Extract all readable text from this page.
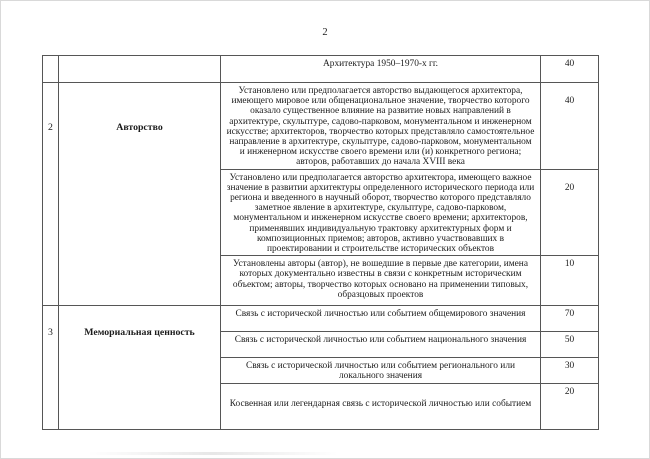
2
		Архитектура 1950–1970-х гг.	40
2	Авторство	Установлено или предполагается авторство выдающегося архитектора, имеющего мировое или общенациональное значение, творчество которого оказало существенное влияние на развитие новых направлений в архитектуре, скульптуре, садово-парковом, монументальном и инженерном искусстве; архитекторов, творчество которых представляло самостоятельное направление в архитектуре, скульптуре, садово-парковом, монументальном и инженерном искусстве своего времени или (и) конкретного региона; авторов, работавших до начала XVIII века	40
		Установлено или предполагается авторство архитектора, имеющего важное значение в развитии архитектуры определенного исторического периода или региона и введенного в научный оборот, творчество которого представляло заметное явление в архитектуре, скульптуре, садово-парковом, монументальном и инженерном искусстве своего времени; архитекторов, применявших индивидуальную трактовку архитектурных форм и композиционных приемов; авторов, активно участвовавших в проектировании и строительстве исторических объектов	20
		Установлены авторы (автор), не вошедшие в первые две категории, имена которых документально известны в связи с конкретным историческим объектом; авторы, творчество которых основано на применении типовых, образцовых проектов	10
3	Мемориальная ценность	Связь с исторической личностью или событием общемирового значения	70
		Связь с исторической личностью или событием национального значения	50
		Связь с исторической личностью или событием регионального или локального значения	30
		Косвенная или легендарная связь с исторической личностью или событием	20
